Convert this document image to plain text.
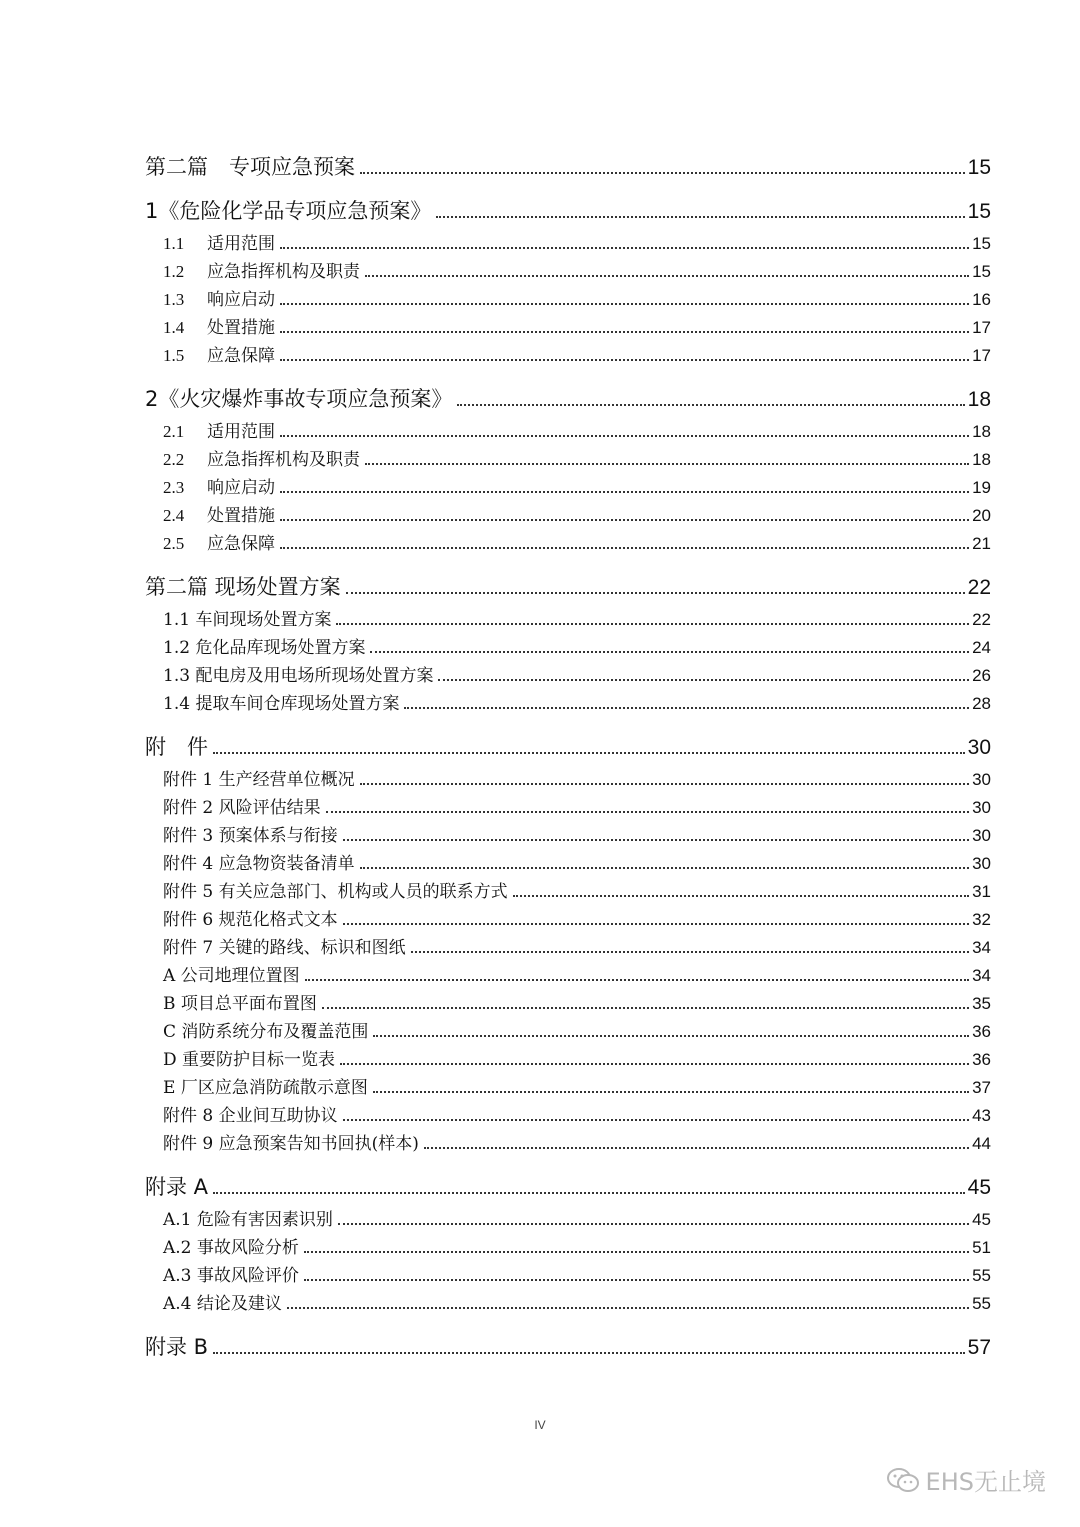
第二篇　专项应急预案	15
1《危险化学品专项应急预案》	15
1.1 适用范围	15
1.2 应急指挥机构及职责	15
1.3 响应启动	16
1.4 处置措施	17
1.5 应急保障	17
2《火灾爆炸事故专项应急预案》	18
2.1 适用范围	18
2.2 应急指挥机构及职责	18
2.3 响应启动	19
2.4 处置措施	20
2.5 应急保障	21
第二篇 现场处置方案	22
1.1 车间现场处置方案	22
1.2 危化品库现场处置方案	24
1.3 配电房及用电场所现场处置方案	26
1.4 提取车间仓库现场处置方案	28
附　件	30
附件 1 生产经营单位概况	30
附件 2 风险评估结果	30
附件 3 预案体系与衔接	30
附件 4 应急物资装备清单	30
附件 5 有关应急部门、机构或人员的联系方式	31
附件 6 规范化格式文本	32
附件 7 关键的路线、标识和图纸	34
A 公司地理位置图	34
B 项目总平面布置图	35
C 消防系统分布及覆盖范围	36
D 重要防护目标一览表	36
E 厂区应急消防疏散示意图	37
附件 8 企业间互助协议	43
附件 9 应急预案告知书回执(样本)	44
附录 A	45
A.1 危险有害因素识别	45
A.2 事故风险分析	51
A.3 事故风险评价	55
A.4 结论及建议	55
附录 B	57
IV
EHS无止境
